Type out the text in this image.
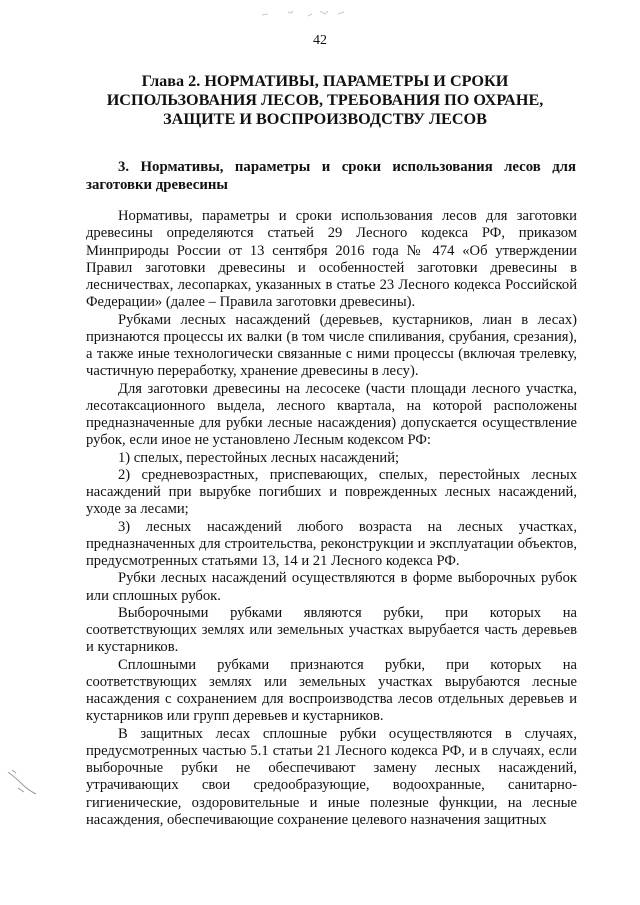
42
Глава 2. НОРМАТИВЫ, ПАРАМЕТРЫ И СРОКИ ИСПОЛЬЗОВАНИЯ ЛЕСОВ, ТРЕБОВАНИЯ ПО ОХРАНЕ, ЗАЩИТЕ И ВОСПРОИЗВОДСТВУ ЛЕСОВ
3. Нормативы, параметры и сроки использования лесов для заготовки древесины

Нормативы, параметры и сроки использования лесов для заготовки древесины определяются статьей 29 Лесного кодекса РФ, приказом Минприроды России от 13 сентября 2016 года № 474 «Об утверждении Правил заготовки древесины и особенностей заготовки древесины в лесничествах, лесопарках, указанных в статье 23 Лесного кодекса Российской Федерации» (далее – Правила заготовки древесины).

Рубками лесных насаждений (деревьев, кустарников, лиан в лесах) признаются процессы их валки (в том числе спиливания, срубания, срезания), а также иные технологически связанные с ними процессы (включая трелевку, частичную переработку, хранение древесины в лесу).

Для заготовки древесины на лесосеке (части площади лесного участка, лесотаксационного выдела, лесного квартала, на которой расположены предназначенные для рубки лесные насаждения) допускается осуществление рубок, если иное не установлено Лесным кодексом РФ:

1) спелых, перестойных лесных насаждений;

2) средневозрастных, приспевающих, спелых, перестойных лесных насаждений при вырубке погибших и поврежденных лесных насаждений, уходе за лесами;

3) лесных насаждений любого возраста на лесных участках, предназначенных для строительства, реконструкции и эксплуатации объектов, предусмотренных статьями 13, 14 и 21 Лесного кодекса РФ.

Рубки лесных насаждений осуществляются в форме выборочных рубок или сплошных рубок.

Выборочными рубками являются рубки, при которых на соответствующих землях или земельных участках вырубается часть деревьев и кустарников.

Сплошными рубками признаются рубки, при которых на соответствующих землях или земельных участках вырубаются лесные насаждения с сохранением для воспроизводства лесов отдельных деревьев и кустарников или групп деревьев и кустарников.

В защитных лесах сплошные рубки осуществляются в случаях, предусмотренных частью 5.1 статьи 21 Лесного кодекса РФ, и в случаях, если выборочные рубки не обеспечивают замену лесных насаждений, утрачивающих свои средообразующие, водоохранные, санитарно-гигиенические, оздоровительные и иные полезные функции, на лесные насаждения, обеспечивающие сохранение целевого назначения защитных
